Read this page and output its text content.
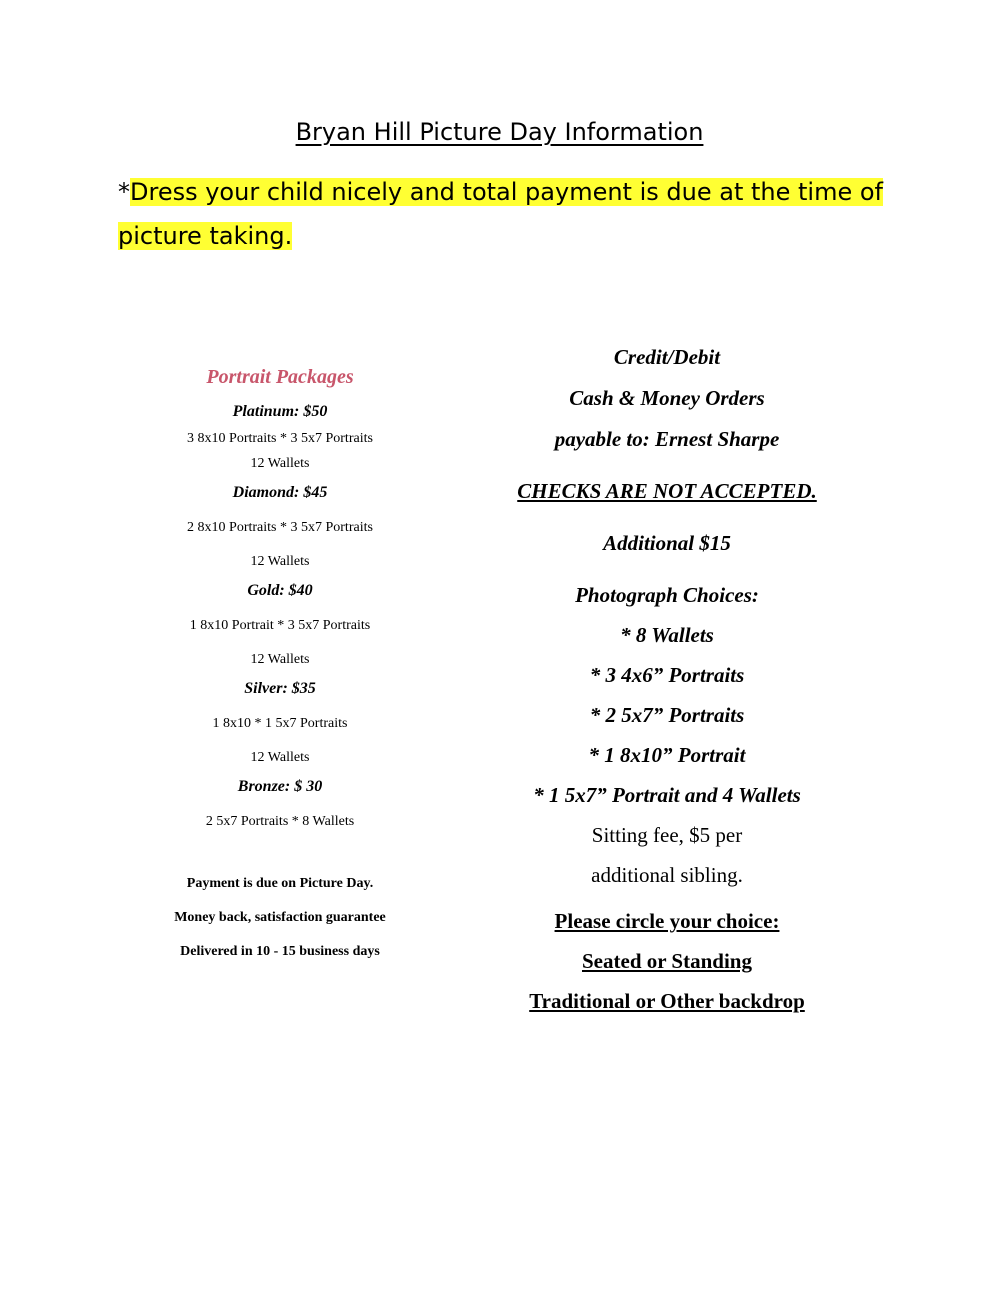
Bryan Hill Picture Day Information
*Dress your child nicely and total payment is due at the time of picture taking.

Portrait Packages

Platinum: $50

3 8x10 Portraits * 3 5x7 Portraits

12 Wallets

Diamond: $45

2 8x10 Portraits * 3 5x7 Portraits

12 Wallets

Gold: $40

1 8x10 Portrait * 3 5x7 Portraits

12 Wallets

Silver: $35

1 8x10 * 1 5x7 Portraits

12 Wallets

Bronze: $ 30

2 5x7 Portraits * 8 Wallets

Payment is due on Picture Day.

Money back, satisfaction guarantee

Delivered in 10 - 15 business days

Credit/Debit

Cash & Money Orders

payable to: Ernest Sharpe

CHECKS ARE NOT ACCEPTED.

Additional $15

Photograph Choices:

* 8 Wallets

* 3 4x6” Portraits

* 2 5x7” Portraits

* 1 8x10” Portrait

* 1 5x7” Portrait and 4 Wallets

Sitting fee, $5 per

additional sibling.

Please circle your choice:

Seated or Standing

Traditional or Other backdrop
